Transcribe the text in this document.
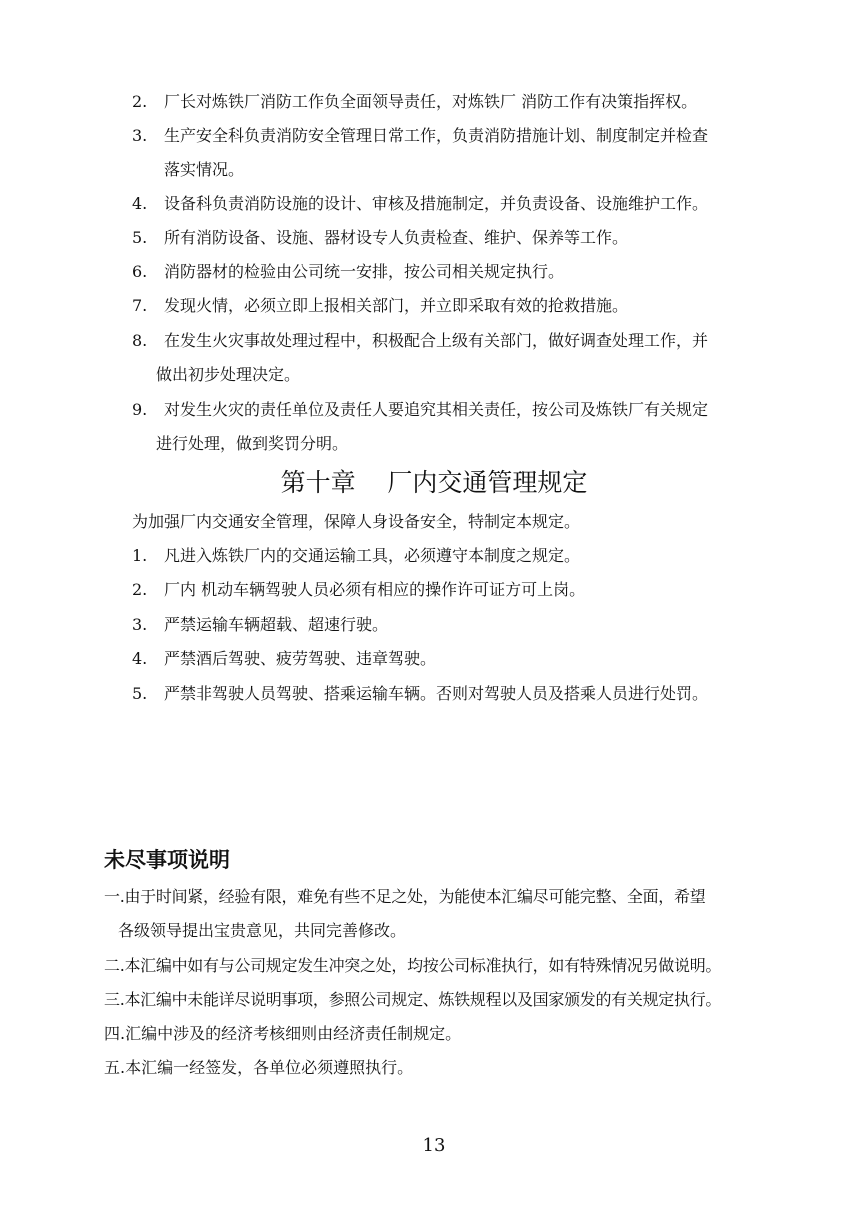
2. 厂长对炼铁厂消防工作负全面领导责任，对炼铁厂 消防工作有决策指挥权。
3. 生产安全科负责消防安全管理日常工作，负责消防措施计划、制度制定并检查
落实情况。
4. 设备科负责消防设施的设计、审核及措施制定，并负责设备、设施维护工作。
5. 所有消防设备、设施、器材设专人负责检查、维护、保养等工作。
6. 消防器材的检验由公司统一安排，按公司相关规定执行。
7. 发现火情，必须立即上报相关部门，并立即采取有效的抢救措施。
8. 在发生火灾事故处理过程中，积极配合上级有关部门，做好调查处理工作，并
做出初步处理决定。
9. 对发生火灾的责任单位及责任人要追究其相关责任，按公司及炼铁厂有关规定
进行处理，做到奖罚分明。
第十章    厂内交通管理规定
为加强厂内交通安全管理，保障人身设备安全，特制定本规定。
1. 凡进入炼铁厂内的交通运输工具，必须遵守本制度之规定。
2. 厂内 机动车辆驾驶人员必须有相应的操作许可证方可上岗。
3. 严禁运输车辆超载、超速行驶。
4. 严禁酒后驾驶、疲劳驾驶、违章驾驶。
5. 严禁非驾驶人员驾驶、搭乘运输车辆。否则对驾驶人员及搭乘人员进行处罚。
未尽事项说明
一.由于时间紧，经验有限，难免有些不足之处，为能使本汇编尽可能完整、全面，希望
各级领导提出宝贵意见，共同完善修改。
二.本汇编中如有与公司规定发生冲突之处，均按公司标准执行，如有特殊情况另做说明。
三.本汇编中未能详尽说明事项，参照公司规定、炼铁规程以及国家颁发的有关规定执行。
四.汇编中涉及的经济考核细则由经济责任制规定。
五.本汇编一经签发，各单位必须遵照执行。
13
